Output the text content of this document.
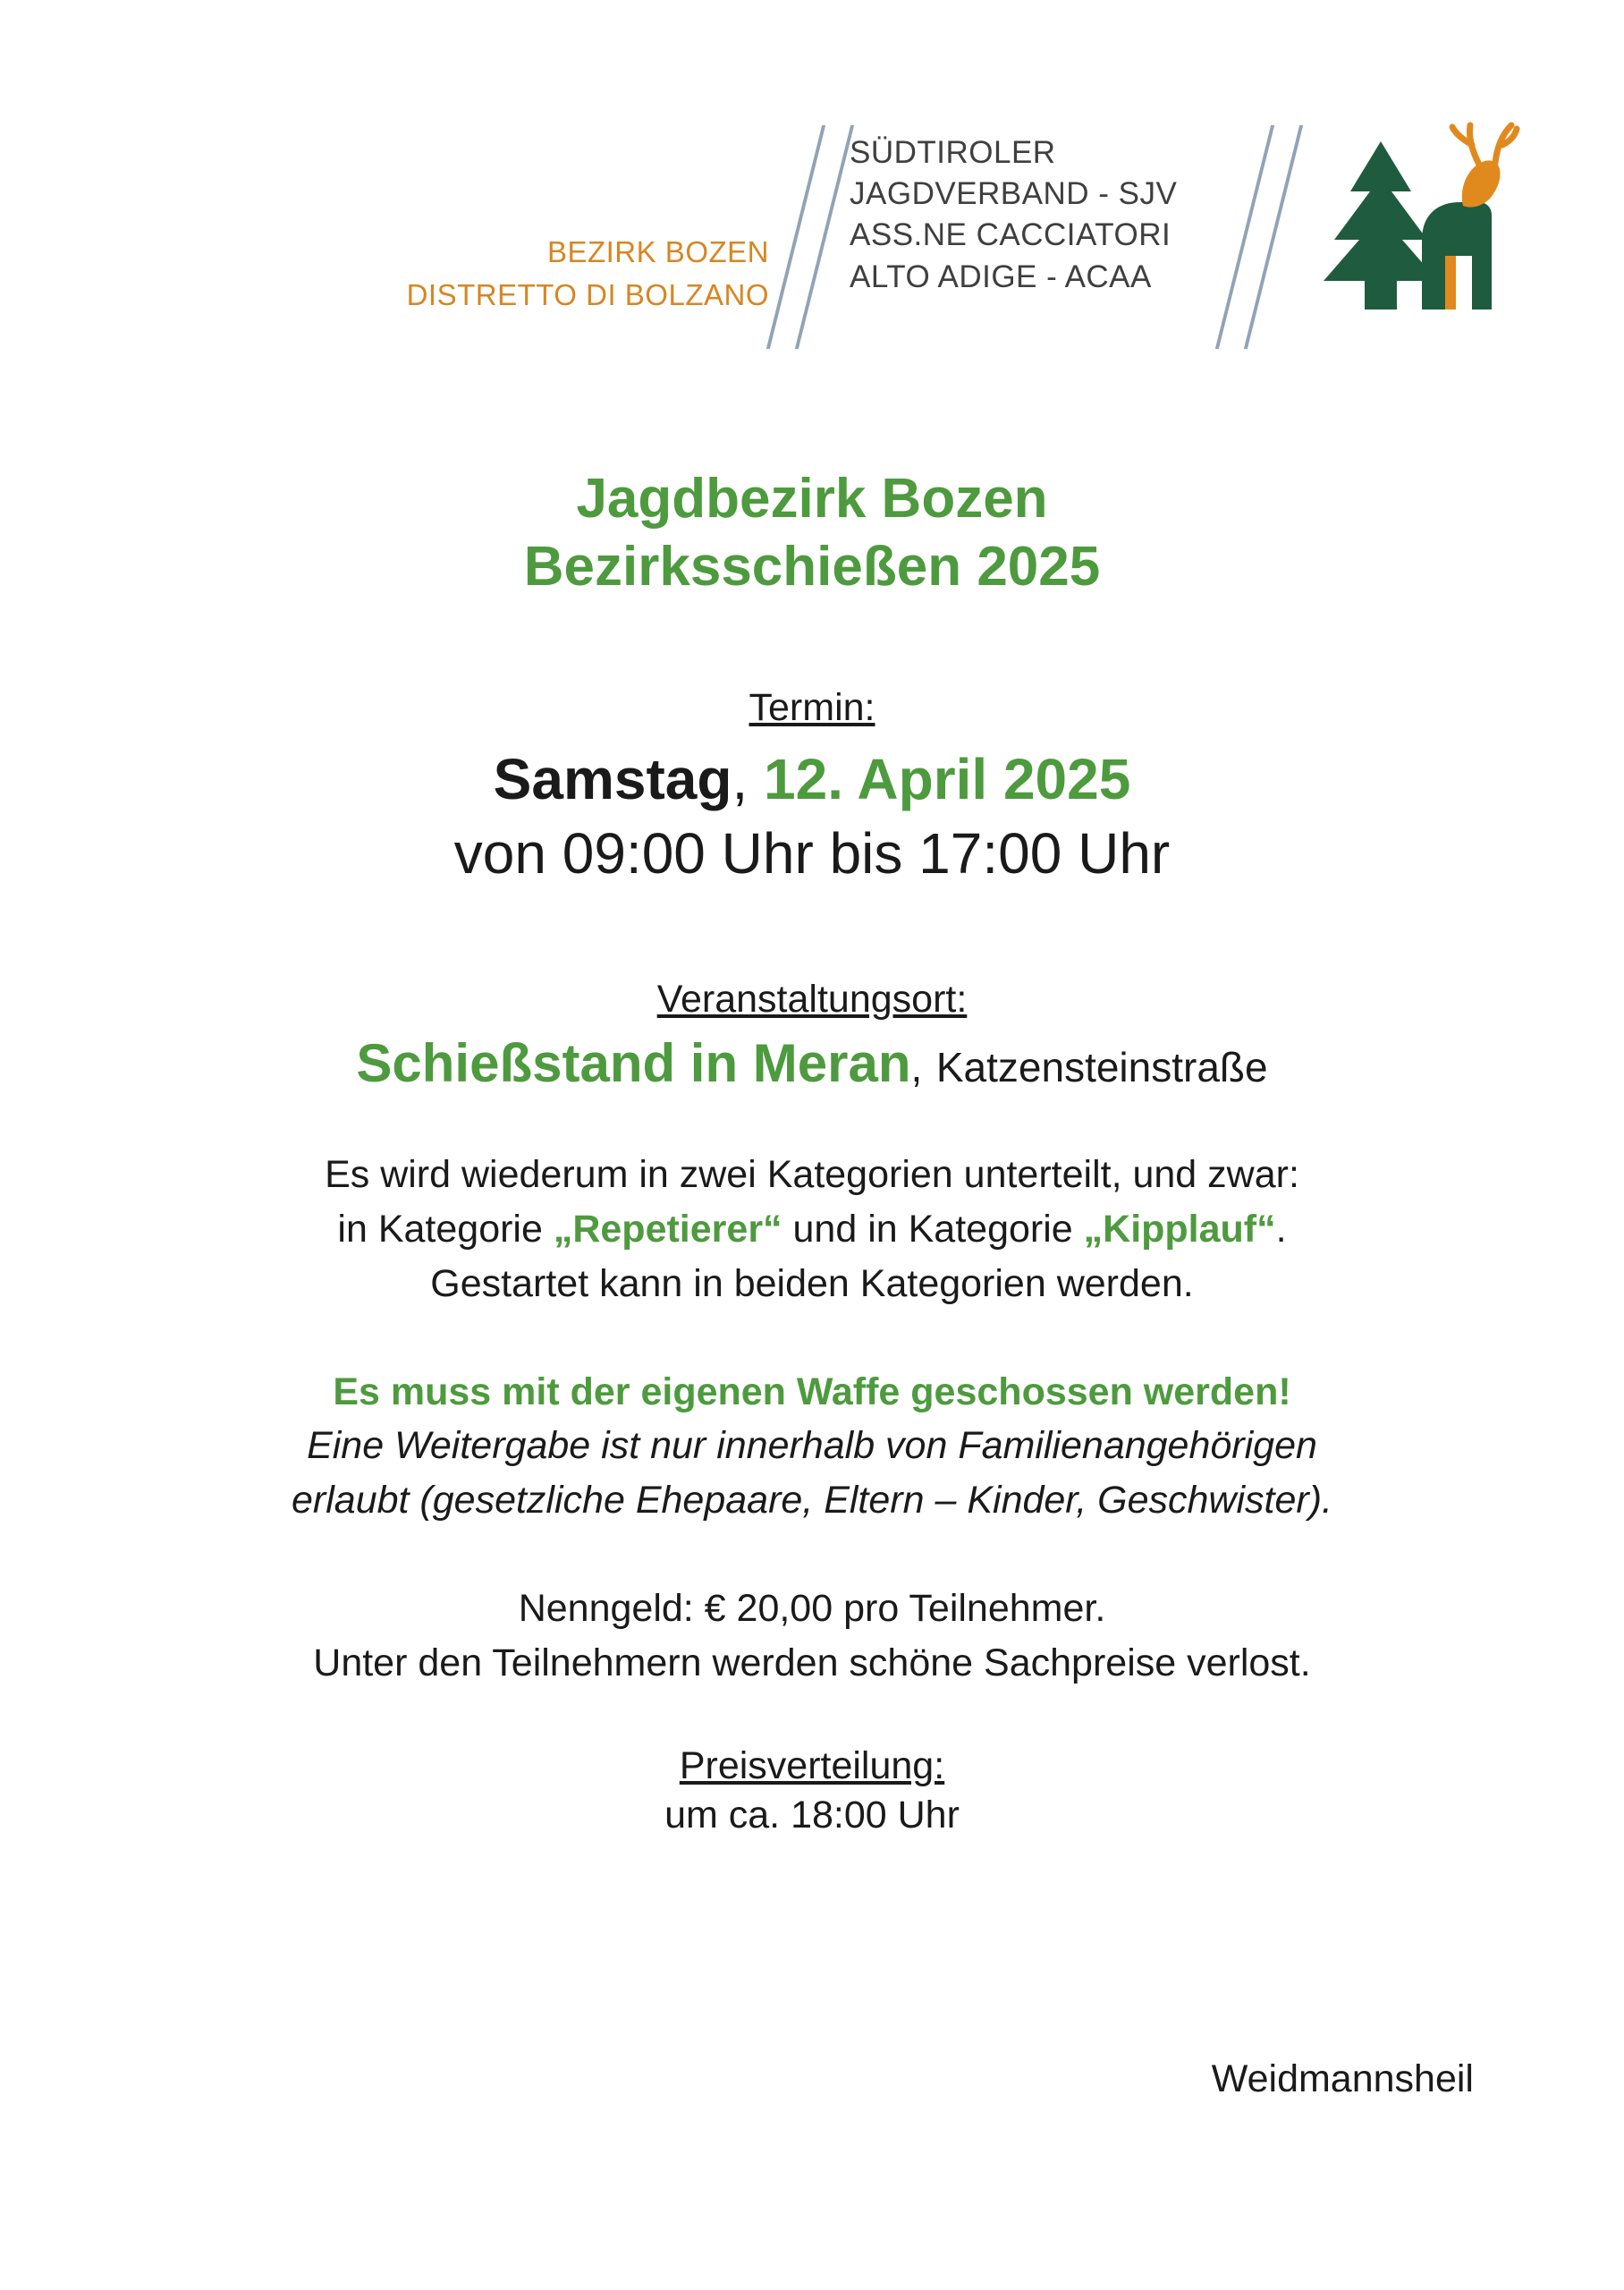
BEZIRK BOZEN
DISTRETTO DI BOLZANO
SÜDTIROLER
JAGDVERBAND - SJV
ASS.NE CACCIATORI
ALTO ADIGE - ACAA
Jagdbezirk Bozen
Bezirksschießen 2025
Termin:
Samstag, 12. April 2025
von 09:00 Uhr bis 17:00 Uhr
Veranstaltungsort:
Schießstand in Meran, Katzensteinstraße
Es wird wiederum in zwei Kategorien unterteilt, und zwar:
in Kategorie „Repetierer“ und in Kategorie „Kipplauf“.
Gestartet kann in beiden Kategorien werden.
Es muss mit der eigenen Waffe geschossen werden!
Eine Weitergabe ist nur innerhalb von Familienangehörigen
erlaubt (gesetzliche Ehepaare, Eltern – Kinder, Geschwister).
Nenngeld: € 20,00 pro Teilnehmer.
Unter den Teilnehmern werden schöne Sachpreise verlost.
Preisverteilung:
um ca. 18:00 Uhr
Weidmannsheil
